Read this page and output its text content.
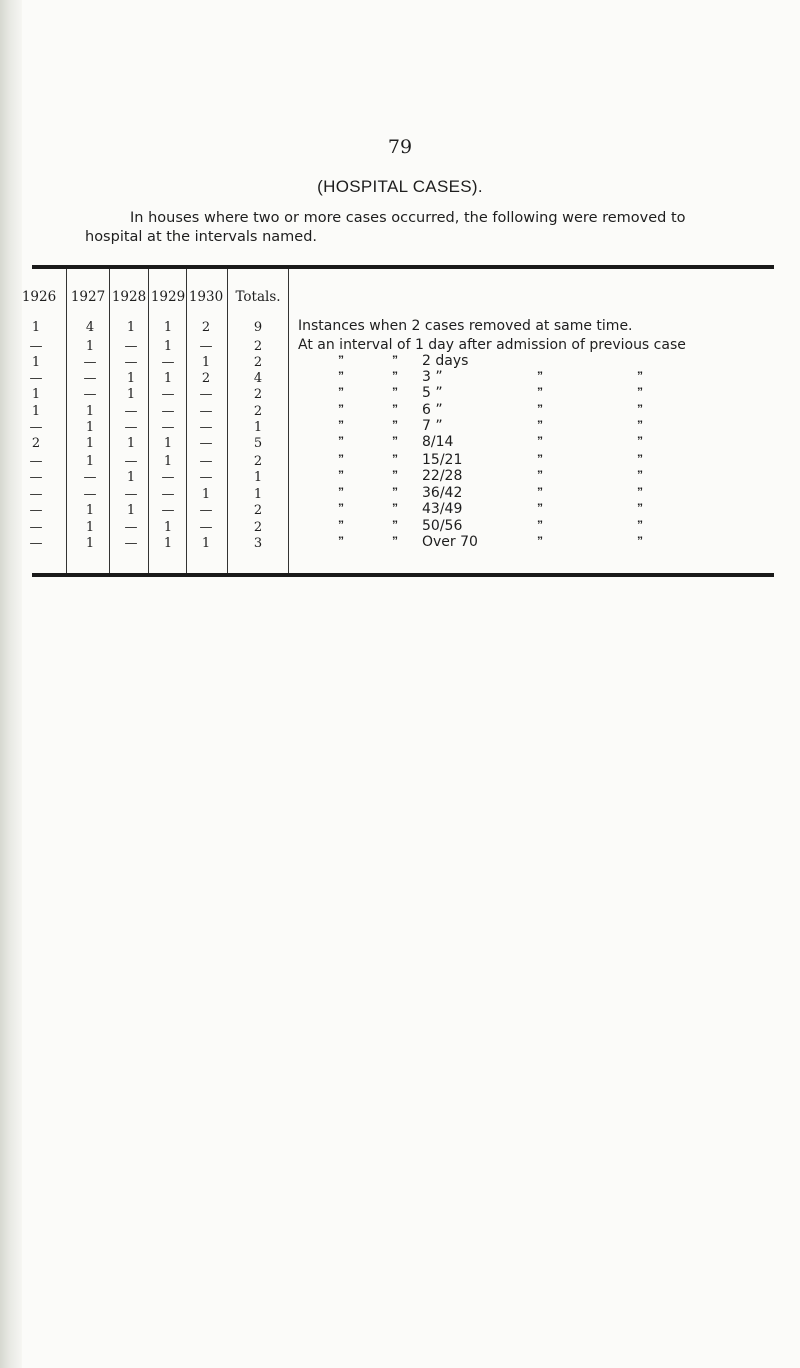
79
(HOSPITAL CASES).
In houses where two or more cases occurred, the following were removed to hospital at the intervals named.
1926	1927 1928 1929 1930 Totals.
1	4	1	1	2	9	Instances when 2 cases removed at same time.
—	1	—	1	—	2	At an interval of 1 day after admission of previous case
1	—	—	—	1	2	”	” 2 days
—	—	1	1	2	4	”	” 3 ”	”	”
1	—	1	—	—	2	”	” 5 ”	”	”
1	1	—	—	—	2	”	” 6 ”	”	”
—	1	—	—	—	1	”	” 7 ”	”	”
2	1	1	1	—	5	”	” 8/14	”	”
—	1	—	1	—	2	”	” 15/21	”	”
—	—	1	—	—	1	”	” 22/28	”	”
—	—	—	—	1	1	”	” 36/42	”	”
—	1	1	—	—	2	”	” 43/49	”	”
—	1	—	1	—	2	”	” 50/56	”	”
—	1	—	1	1	3	”	” Over 70	”	”
